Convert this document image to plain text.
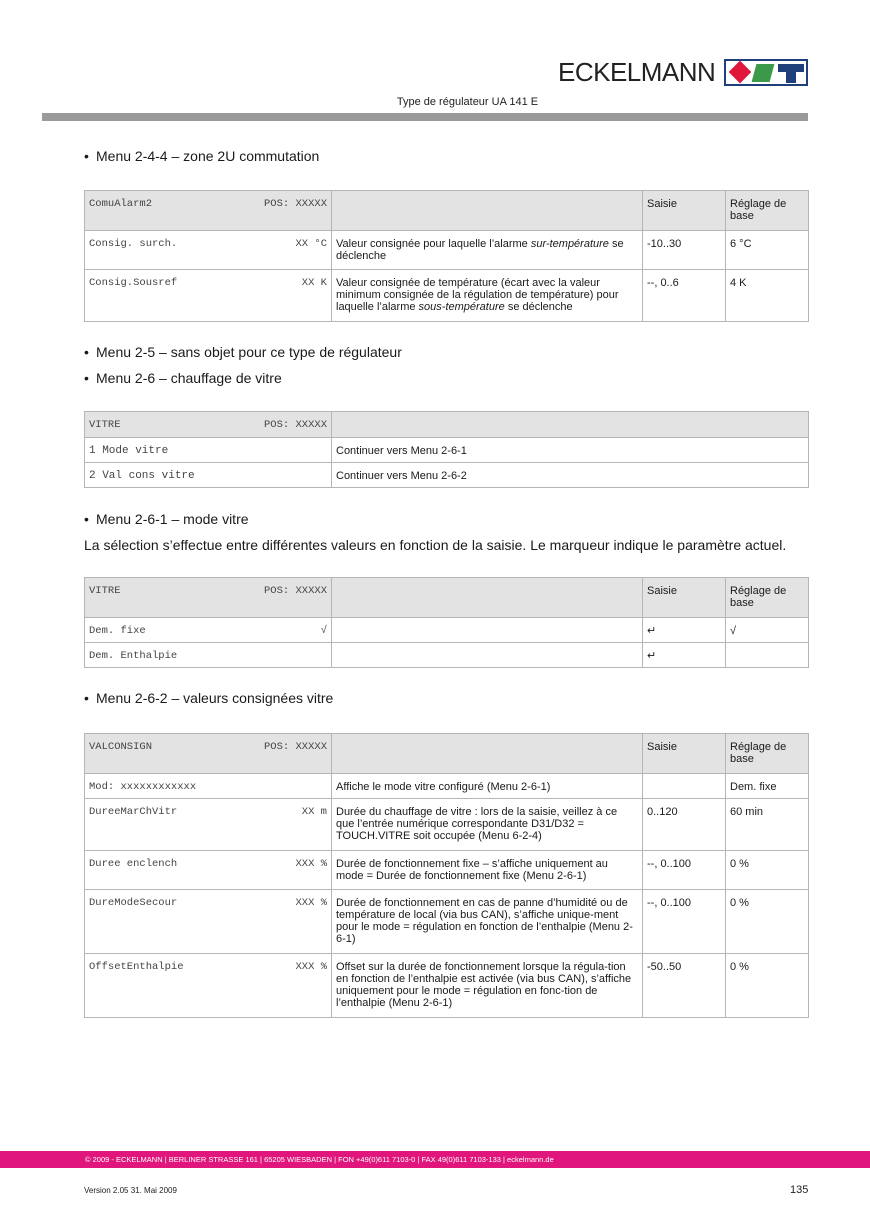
ECKELMANN
Type de régulateur UA 141 E
• Menu 2-4-4 – zone 2U commutation
ComuAlarm2 POS: XXXXX		Saisie	Réglage de base

Consig. surch. XX °C	Valeur consignée pour laquelle l’alarme sur-température se déclenche	-10..30	6 °C

Consig.Sousref XX K	Valeur consignée de température (écart avec la valeur minimum consignée de la régulation de température) pour laquelle l’alarme sous-température se déclenche	--, 0..6	4 K
• Menu 2-5 – sans objet pour ce type de régulateur
• Menu 2-6 – chauffage de vitre
VITRE POS: XXXXX	

1 Mode vitre	Continuer vers Menu 2-6-1
2 Val cons vitre	Continuer vers Menu 2-6-2
• Menu 2-6-1 – mode vitre
La sélection s’effectue entre différentes valeurs en fonction de la saisie. Le marqueur indique le paramètre actuel.
VITRE POS: XXXXX		Saisie	Réglage de base

Dem. fixe √		↵	√

Dem. Enthalpie		↵	
• Menu 2-6-2 – valeurs consignées vitre
VALCONSIGN POS: XXXXX		Saisie	Réglage de base

Mod: xxxxxxxxxxxx	Affiche le mode vitre configuré (Menu 2-6-1)		Dem. fixe

DureeMarChVitr XX m	Durée du chauffage de vitre : lors de la saisie, veillez à ce que l’entrée numérique correspondante D31/D32 = TOUCH.VITRE soit occupée (Menu 6-2-4)	0..120	60 min

Duree enclench XXX %	Durée de fonctionnement fixe – s’affiche uniquement au mode = Durée de fonctionnement fixe (Menu 2-6-1)	--, 0..100	0 %

DureModeSecour XXX %	Durée de fonctionnement en cas de panne d’humidité ou de température de local (via bus CAN), s’affiche unique-ment pour le mode = régulation en fonction de l’enthalpie (Menu 2-6-1)	--, 0..100	0 %

OffsetEnthalpie XXX %	Offset sur la durée de fonctionnement lorsque la régula-tion en fonction de l’enthalpie est activée (via bus CAN), s’affiche uniquement pour le mode = régulation en fonc-tion de l’enthalpie (Menu 2-6-1)	-50..50	0 %
© 2009 - ECKELMANN | BERLINER STRASSE 161 | 65205 WIESBADEN | FON +49(0)611 7103-0 | FAX 49(0)611 7103-133 | eckelmann.de
Version 2.05 31. Mai 2009	135
